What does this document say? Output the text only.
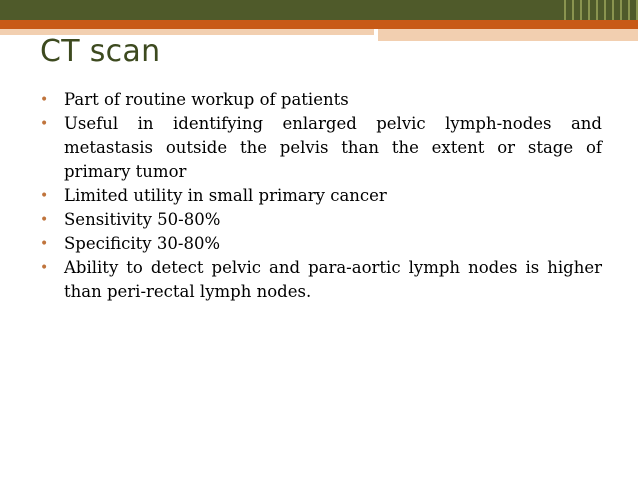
CT scan
• Part of routine workup of patients
• Useful in identifying enlarged pelvic lymph-nodes and metastasis outside the pelvis than the extent or stage of primary tumor
• Limited utility in small primary cancer
• Sensitivity 50-80%
• Specificity 30-80%
• Ability to detect pelvic and para-aortic lymph nodes is higher than peri-rectal lymph nodes.
